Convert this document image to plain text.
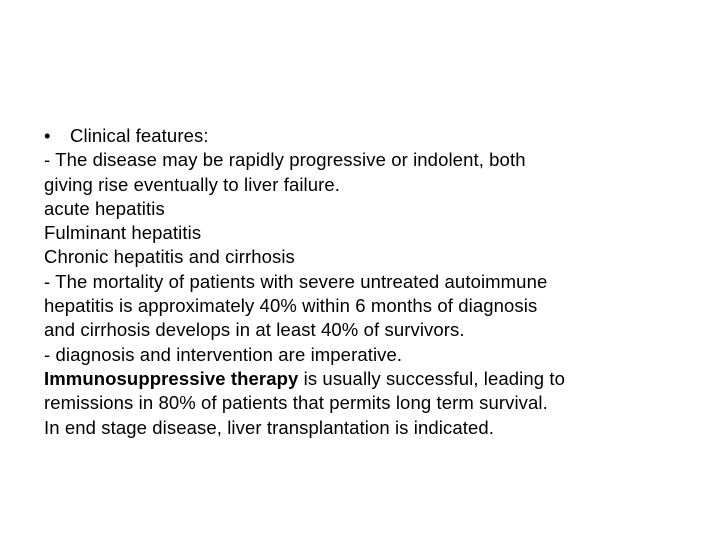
• Clinical features:
- The disease may be rapidly progressive or indolent, both
giving rise eventually to liver failure.
acute hepatitis
Fulminant hepatitis
Chronic hepatitis and cirrhosis
- The mortality of patients with severe untreated autoimmune
hepatitis is approximately 40% within 6 months of diagnosis
and cirrhosis develops in at least 40% of survivors.
- diagnosis and intervention are imperative.
Immunosuppressive therapy is usually successful, leading to
remissions in 80% of patients that permits long term survival.
In end stage disease, liver transplantation is indicated.
